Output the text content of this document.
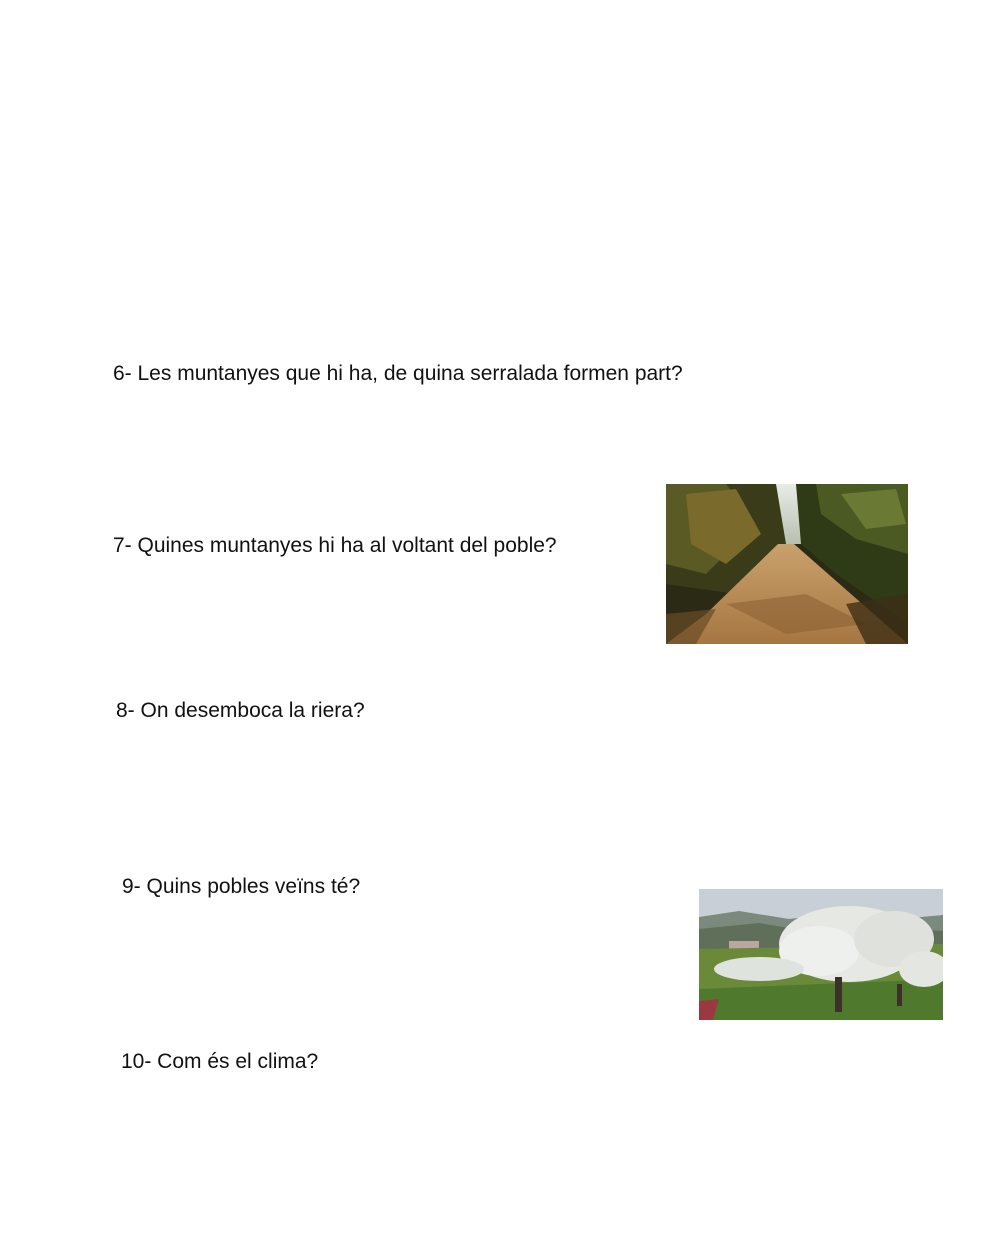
6- Les muntanyes que hi ha, de quina serralada formen part?

7- Quines muntanyes hi ha al voltant del poble?

8- On desemboca la riera?

9- Quins pobles veïns té?

10- Com és el clima?
